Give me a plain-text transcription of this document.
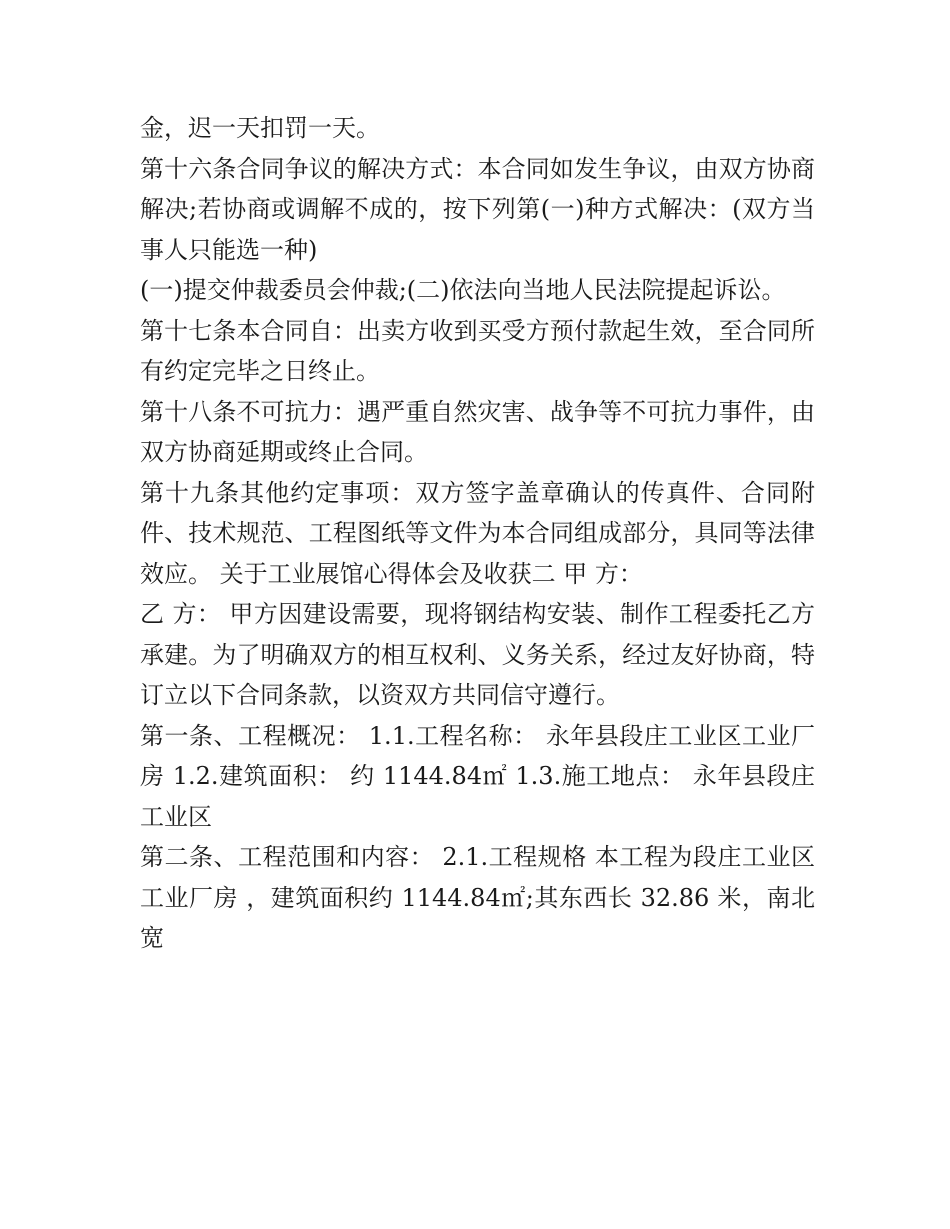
金，迟一天扣罚一天。

第十六条合同争议的解决方式：本合同如发生争议，由双方协商解决;若协商或调解不成的，按下列第(一)种方式解决：(双方当事人只能选一种)

(一)提交仲裁委员会仲裁;(二)依法向当地人民法院提起诉讼。

第十七条本合同自：出卖方收到买受方预付款起生效，至合同所有约定完毕之日终止。

第十八条不可抗力：遇严重自然灾害、战争等不可抗力事件，由双方协商延期或终止合同。

第十九条其他约定事项：双方签字盖章确认的传真件、合同附件、技术规范、工程图纸等文件为本合同组成部分，具同等法律效应。 关于工业展馆心得体会及收获二 甲 方：

乙 方： 甲方因建设需要，现将钢结构安装、制作工程委托乙方承建。为了明确双方的相互权利、义务关系，经过友好协商，特订立以下合同条款，以资双方共同信守遵行。

第一条、工程概况： 1.1.工程名称： 永年县段庄工业区工业厂房 1.2.建筑面积： 约 1144.84㎡ 1.3.施工地点： 永年县段庄工业区

第二条、工程范围和内容： 2.1.工程规格 本工程为段庄工业区工业厂房 ，建筑面积约 1144.84㎡;其东西长 32.86 米，南北宽
